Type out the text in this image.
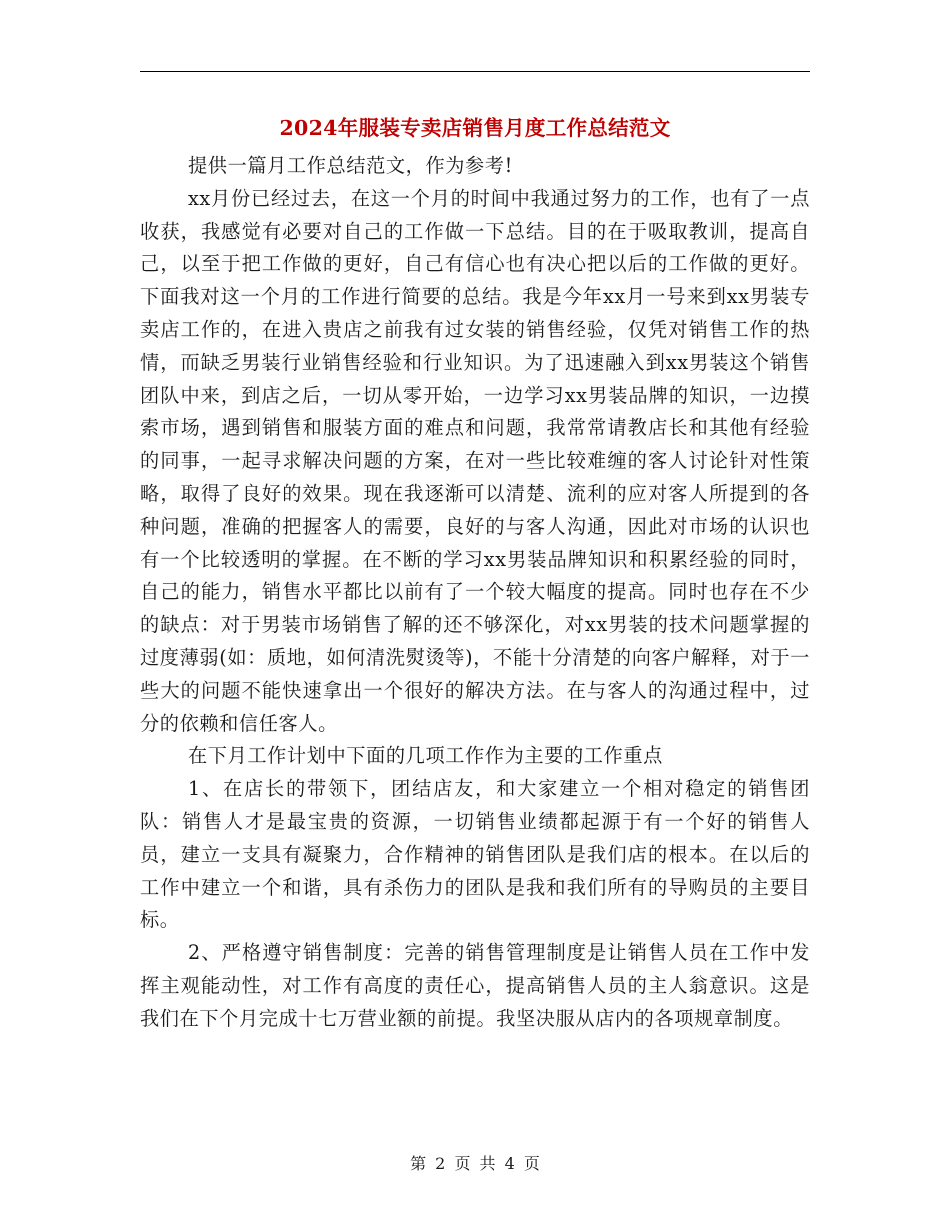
2024年服装专卖店销售月度工作总结范文

提供一篇月工作总结范文，作为参考!

xx月份已经过去，在这一个月的时间中我通过努力的工作，也有了一点收获，我感觉有必要对自己的工作做一下总结。目的在于吸取教训，提高自己，以至于把工作做的更好，自己有信心也有决心把以后的工作做的更好。下面我对这一个月的工作进行简要的总结。我是今年xx月一号来到xx男装专卖店工作的，在进入贵店之前我有过女装的销售经验，仅凭对销售工作的热情，而缺乏男装行业销售经验和行业知识。为了迅速融入到xx男装这个销售团队中来，到店之后，一切从零开始，一边学习xx男装品牌的知识，一边摸索市场，遇到销售和服装方面的难点和问题，我常常请教店长和其他有经验的同事，一起寻求解决问题的方案，在对一些比较难缠的客人讨论针对性策略，取得了良好的效果。现在我逐渐可以清楚、流利的应对客人所提到的各种问题，准确的把握客人的需要，良好的与客人沟通，因此对市场的认识也有一个比较透明的掌握。在不断的学习xx男装品牌知识和积累经验的同时，自己的能力，销售水平都比以前有了一个较大幅度的提高。同时也存在不少的缺点：对于男装市场销售了解的还不够深化，对xx男装的技术问题掌握的过度薄弱(如：质地，如何清洗熨烫等)，不能十分清楚的向客户解释，对于一些大的问题不能快速拿出一个很好的解决方法。在与客人的沟通过程中，过分的依赖和信任客人。

在下月工作计划中下面的几项工作作为主要的工作重点

1、在店长的带领下，团结店友，和大家建立一个相对稳定的销售团队：销售人才是最宝贵的资源，一切销售业绩都起源于有一个好的销售人员，建立一支具有凝聚力，合作精神的销售团队是我们店的根本。在以后的工作中建立一个和谐，具有杀伤力的团队是我和我们所有的导购员的主要目标。

2、严格遵守销售制度：完善的销售管理制度是让销售人员在工作中发挥主观能动性，对工作有高度的责任心，提高销售人员的主人翁意识。这是我们在下个月完成十七万营业额的前提。我坚决服从店内的各项规章制度。

第 2 页 共 4 页
